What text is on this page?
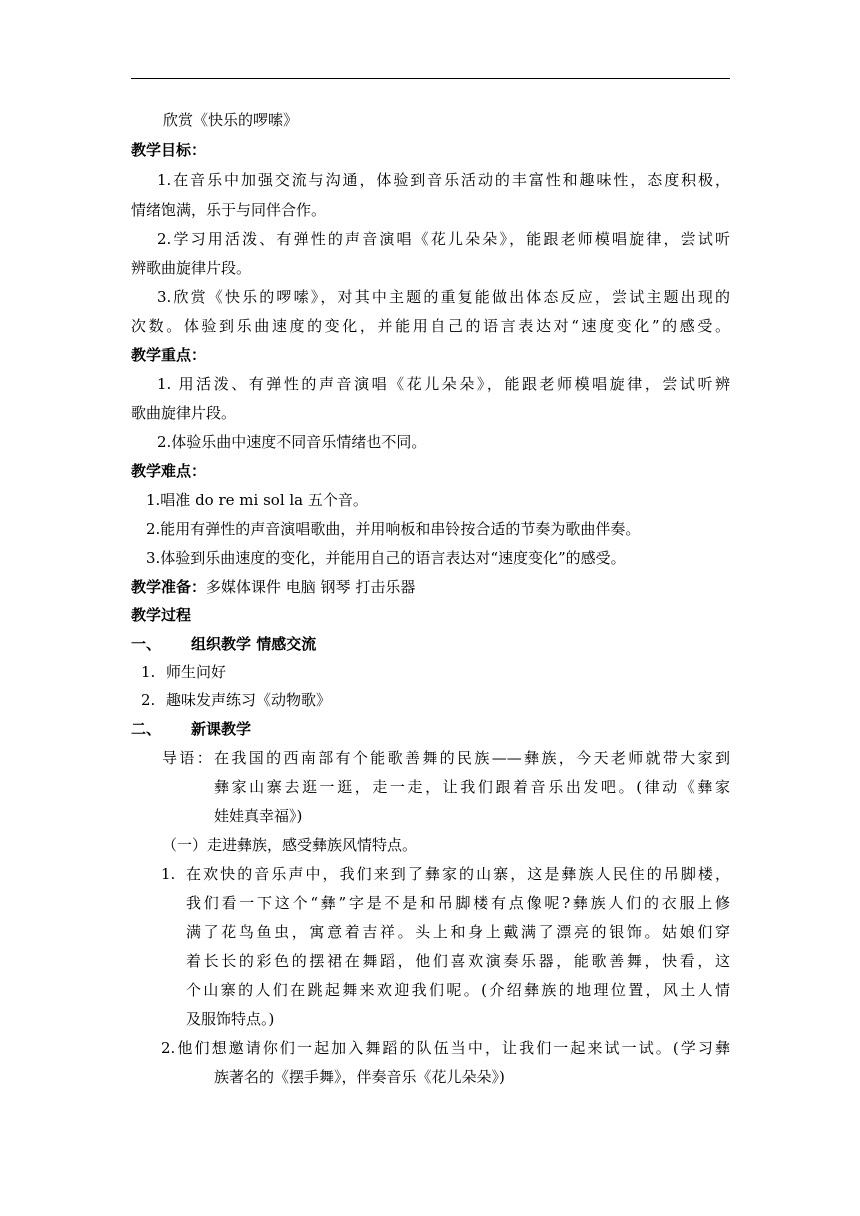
欣赏《快乐的啰嗦》
教学目标：
1.在音乐中加强交流与沟通，体验到音乐活动的丰富性和趣味性，态度积极，
情绪饱满，乐于与同伴合作。
2.学习用活泼、有弹性的声音演唱《花儿朵朵》，能跟老师模唱旋律，尝试听
辨歌曲旋律片段。
3.欣赏《快乐的啰嗦》，对其中主题的重复能做出体态反应，尝试主题出现的
次数。体验到乐曲速度的变化，并能用自己的语言表达对“速度变化”的感受。
教学重点：
1. 用活泼、有弹性的声音演唱《花儿朵朵》，能跟老师模唱旋律，尝试听辨
歌曲旋律片段。
2.体验乐曲中速度不同音乐情绪也不同。
教学难点：
1.唱准 do re mi sol la 五个音。
2.能用有弹性的声音演唱歌曲，并用响板和串铃按合适的节奏为歌曲伴奏。
3.体验到乐曲速度的变化，并能用自己的语言表达对“速度变化”的感受。
教学准备：多媒体课件 电脑 钢琴 打击乐器
教学过程
一、 组织教学 情感交流
1. 师生问好
2. 趣味发声练习《动物歌》
二、 新课教学
导语：在我国的西南部有个能歌善舞的民族——彝族，今天老师就带大家到
彝家山寨去逛一逛，走一走，让我们跟着音乐出发吧。(律动《彝家
娃娃真幸福》)
（一）走进彝族，感受彝族风情特点。
1. 在欢快的音乐声中，我们来到了彝家的山寨，这是彝族人民住的吊脚楼，
我们看一下这个“彝”字是不是和吊脚楼有点像呢?彝族人们的衣服上修
满了花鸟鱼虫，寓意着吉祥。头上和身上戴满了漂亮的银饰。姑娘们穿
着长长的彩色的摆裙在舞蹈，他们喜欢演奏乐器，能歌善舞，快看，这
个山寨的人们在跳起舞来欢迎我们呢。(介绍彝族的地理位置，风土人情
及服饰特点。)
2.他们想邀请你们一起加入舞蹈的队伍当中，让我们一起来试一试。(学习彝
族著名的《摆手舞》，伴奏音乐《花儿朵朵》)
